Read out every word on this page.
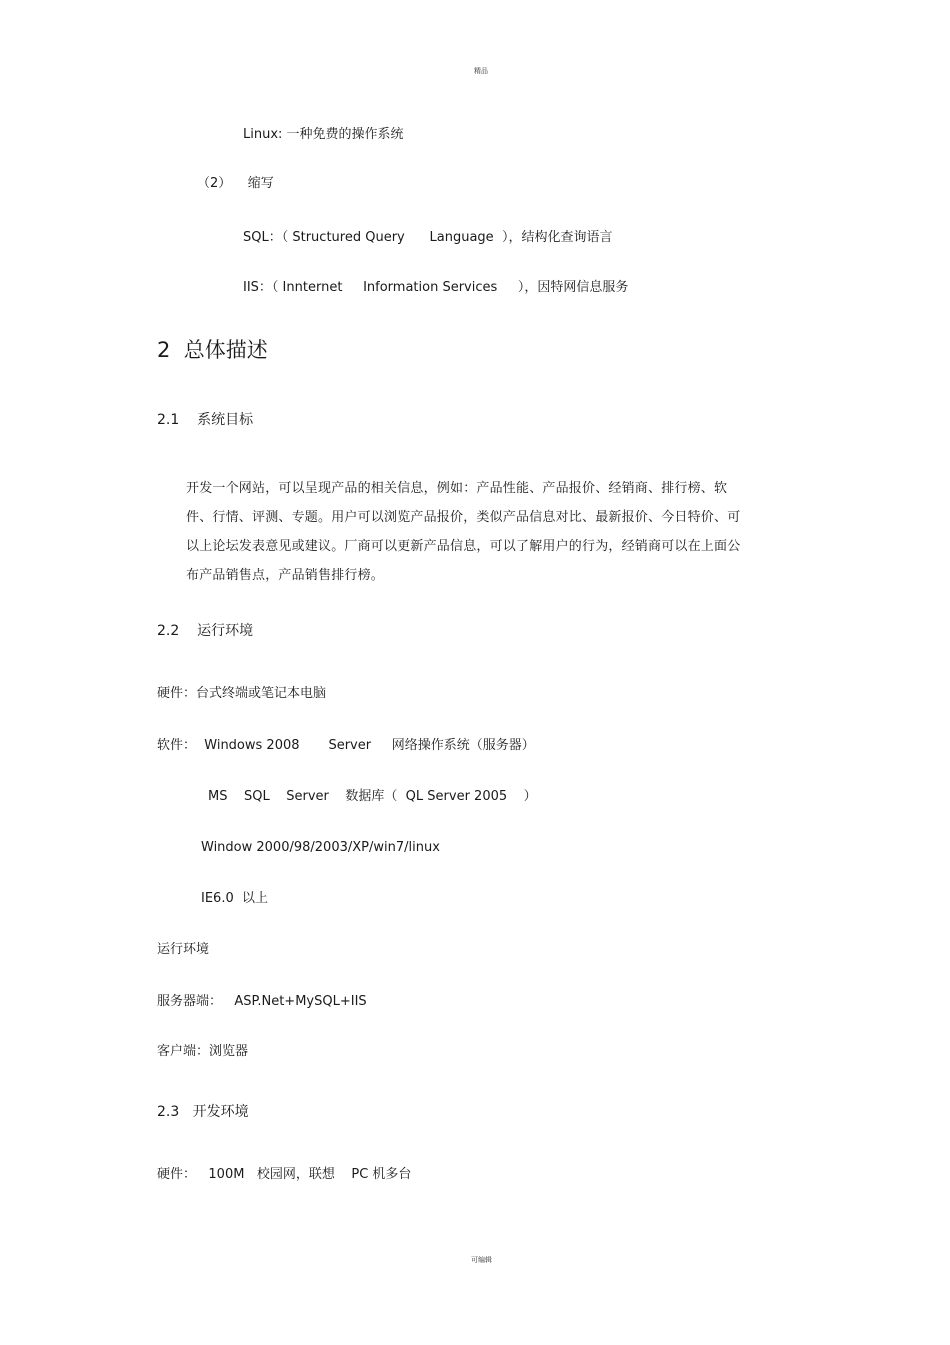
精品
Linux: 一种免费的操作系统
（2）    缩写
SQL：（ Structured Query      Language  ），结构化查询语言
IIS：（ Innternet     Information Services     ），因特网信息服务
2  总体描述
2.1    系统目标
开发一个网站，可以呈现产品的相关信息，例如：产品性能、产品报价、经销商、排行榜、软件、行情、评测、专题。用户可以浏览产品报价，类似产品信息对比、最新报价、今日特价、可以上论坛发表意见或建议。厂商可以更新产品信息，可以了解用户的行为，经销商可以在上面公布产品销售点，产品销售排行榜。
2.2    运行环境
硬件：台式终端或笔记本电脑
软件：  Windows 2008       Server     网络操作系统（服务器）
MS    SQL    Server    数据库（  QL Server 2005    ）
Window 2000/98/2003/XP/win7/linux
IE6.0  以上
运行环境
服务器端：   ASP.Net+MySQL+IIS
客户端：浏览器
2.3   开发环境
硬件：   100M   校园网，联想    PC 机多台
可编辑
